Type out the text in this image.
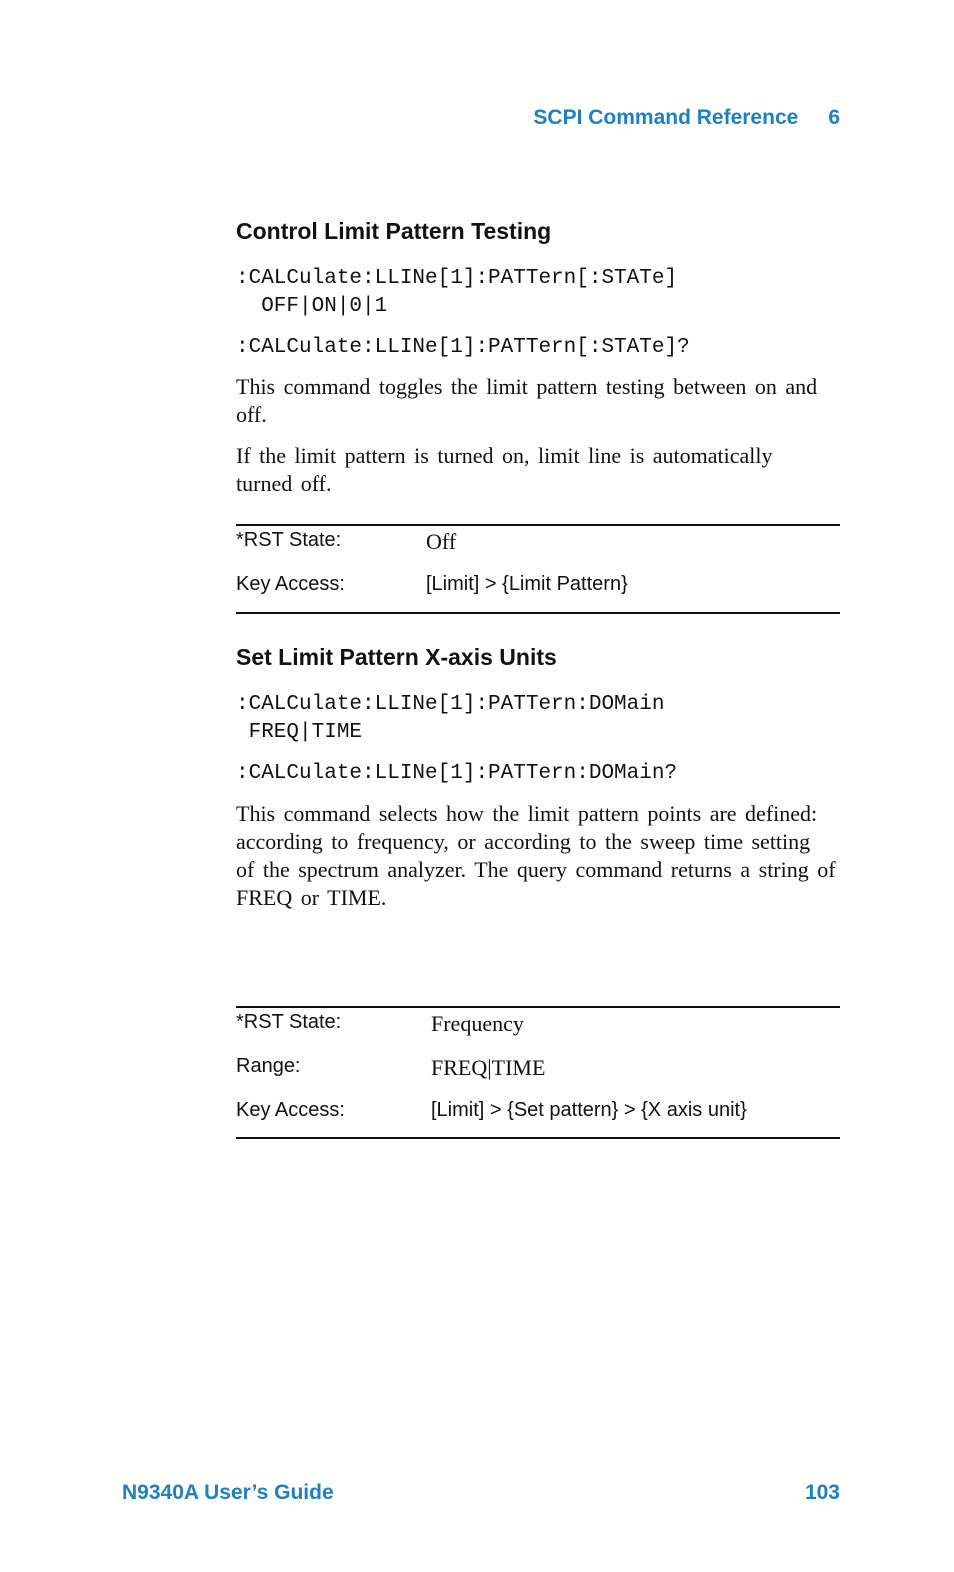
SCPI Command Reference 6
Control Limit Pattern Testing
:CALCulate:LLINe[1]:PATTern[:STATe]
OFF|ON|0|1
:CALCulate:LLINe[1]:PATTern[:STATe]?
This command toggles the limit pattern testing between on and off.
If the limit pattern is turned on, limit line is automatically turned off.
*RST State:	Off
Key Access:	[Limit] > {Limit Pattern}
Set Limit Pattern X-axis Units
:CALCulate:LLINe[1]:PATTern:DOMain
FREQ|TIME
:CALCulate:LLINe[1]:PATTern:DOMain?
This command selects how the limit pattern points are defined: according to frequency, or according to the sweep time setting of the spectrum analyzer. The query command returns a string of FREQ or TIME.
*RST State:	Frequency
Range:	FREQ|TIME
Key Access:	[Limit] > {Set pattern} > {X axis unit}
N9340A User’s Guide	103
